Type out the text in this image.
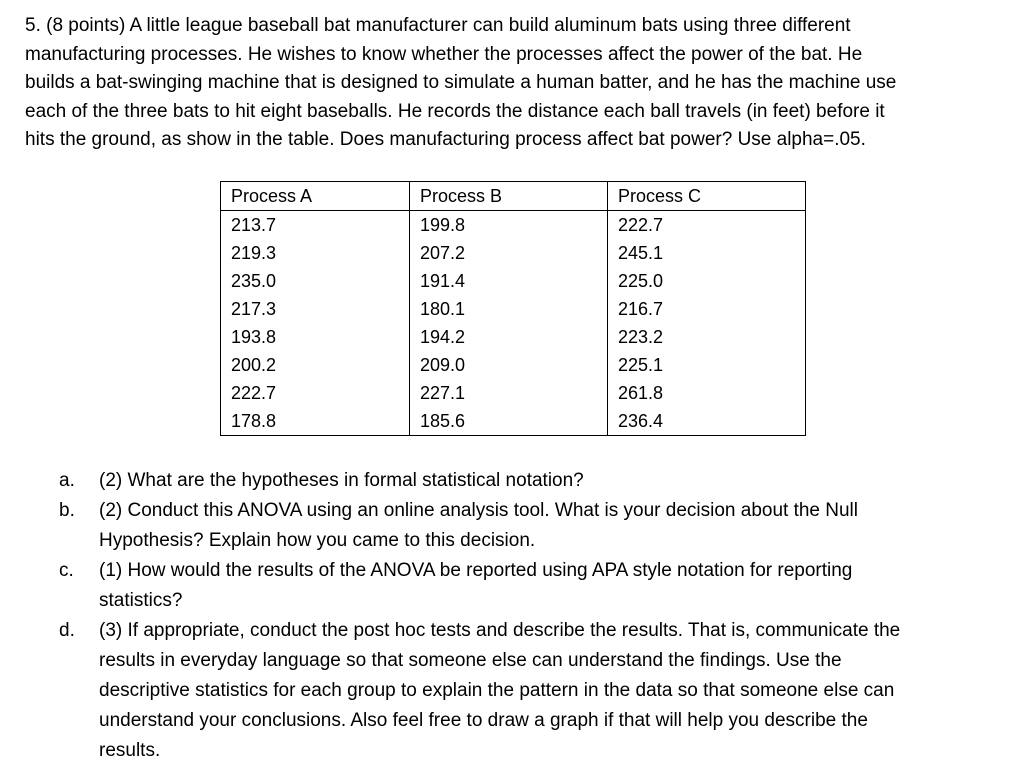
5. (8 points) A little league baseball bat manufacturer can build aluminum bats using three different
manufacturing processes. He wishes to know whether the processes affect the power of the bat. He
builds a bat-swinging machine that is designed to simulate a human batter, and he has the machine use
each of the three bats to hit eight baseballs. He records the distance each ball travels (in feet) before it
hits the ground, as show in the table. Does manufacturing process affect bat power? Use alpha=.05.

Process A	Process B	Process C
213.7	199.8	222.7
219.3	207.2	245.1
235.0	191.4	225.0
217.3	180.1	216.7
193.8	194.2	223.2
200.2	209.0	225.1
222.7	227.1	261.8
178.8	185.6	236.4
a. (2) What are the hypotheses in formal statistical notation?
b. (2) Conduct this ANOVA using an online analysis tool. What is your decision about the Null
Hypothesis? Explain how you came to this decision.
c. (1) How would the results of the ANOVA be reported using APA style notation for reporting
statistics?
d. (3) If appropriate, conduct the post hoc tests and describe the results. That is, communicate the
results in everyday language so that someone else can understand the findings. Use the
descriptive statistics for each group to explain the pattern in the data so that someone else can
understand your conclusions. Also feel free to draw a graph if that will help you describe the
results.
